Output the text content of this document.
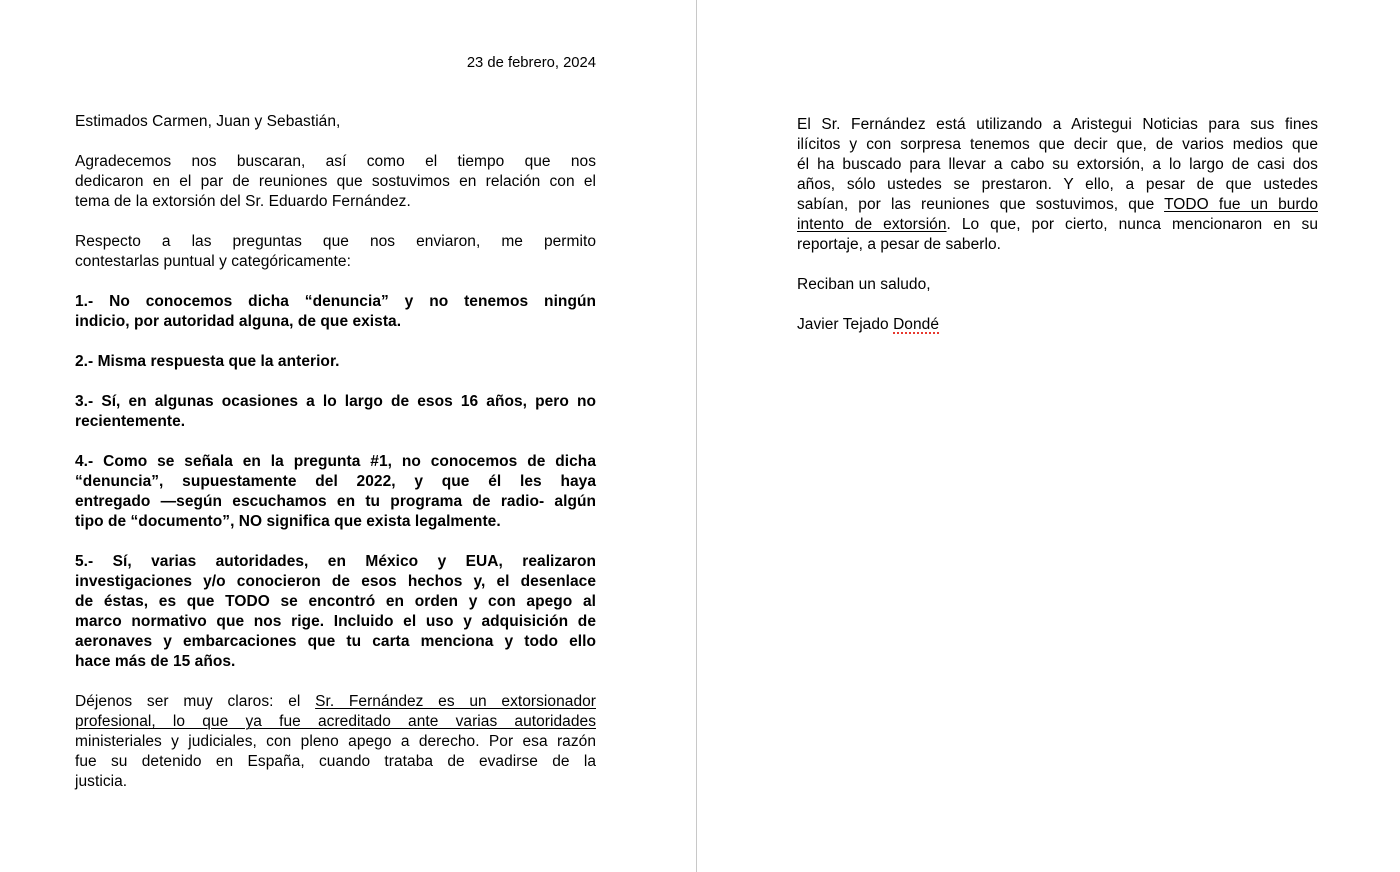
23 de febrero, 2024
Estimados Carmen, Juan y Sebastián,
Agradecemos nos buscaran, así como el tiempo que nos
dedicaron en el par de reuniones que sostuvimos en relación con el
tema de la extorsión del Sr. Eduardo Fernández.
Respecto a las preguntas que nos enviaron, me permito
contestarlas puntual y categóricamente:
1.- No conocemos dicha “denuncia” y no tenemos ningún
indicio, por autoridad alguna, de que exista.
2.- Misma respuesta que la anterior.
3.- Sí, en algunas ocasiones a lo largo de esos 16 años, pero no
recientemente.
4.- Como se señala en la pregunta #1, no conocemos de dicha
“denuncia”, supuestamente del 2022, y que él les haya
entregado —según escuchamos en tu programa de radio- algún
tipo de “documento”, NO significa que exista legalmente.
5.- Sí, varias autoridades, en México y EUA, realizaron
investigaciones y/o conocieron de esos hechos y, el desenlace
de éstas, es que TODO se encontró en orden y con apego al
marco normativo que nos rige. Incluido el uso y adquisición de
aeronaves y embarcaciones que tu carta menciona y todo ello
hace más de 15 años.
Déjenos ser muy claros: el Sr. Fernández es un extorsionador
profesional, lo que ya fue acreditado ante varias autoridades
ministeriales y judiciales, con pleno apego a derecho. Por esa razón
fue su detenido en España, cuando trataba de evadirse de la
justicia.
El Sr. Fernández está utilizando a Aristegui Noticias para sus fines
ilícitos y con sorpresa tenemos que decir que, de varios medios que
él ha buscado para llevar a cabo su extorsión, a lo largo de casi dos
años, sólo ustedes se prestaron. Y ello, a pesar de que ustedes
sabían, por las reuniones que sostuvimos, que TODO fue un burdo
intento de extorsión. Lo que, por cierto, nunca mencionaron en su
reportaje, a pesar de saberlo.
Reciban un saludo,
Javier Tejado Dondé
